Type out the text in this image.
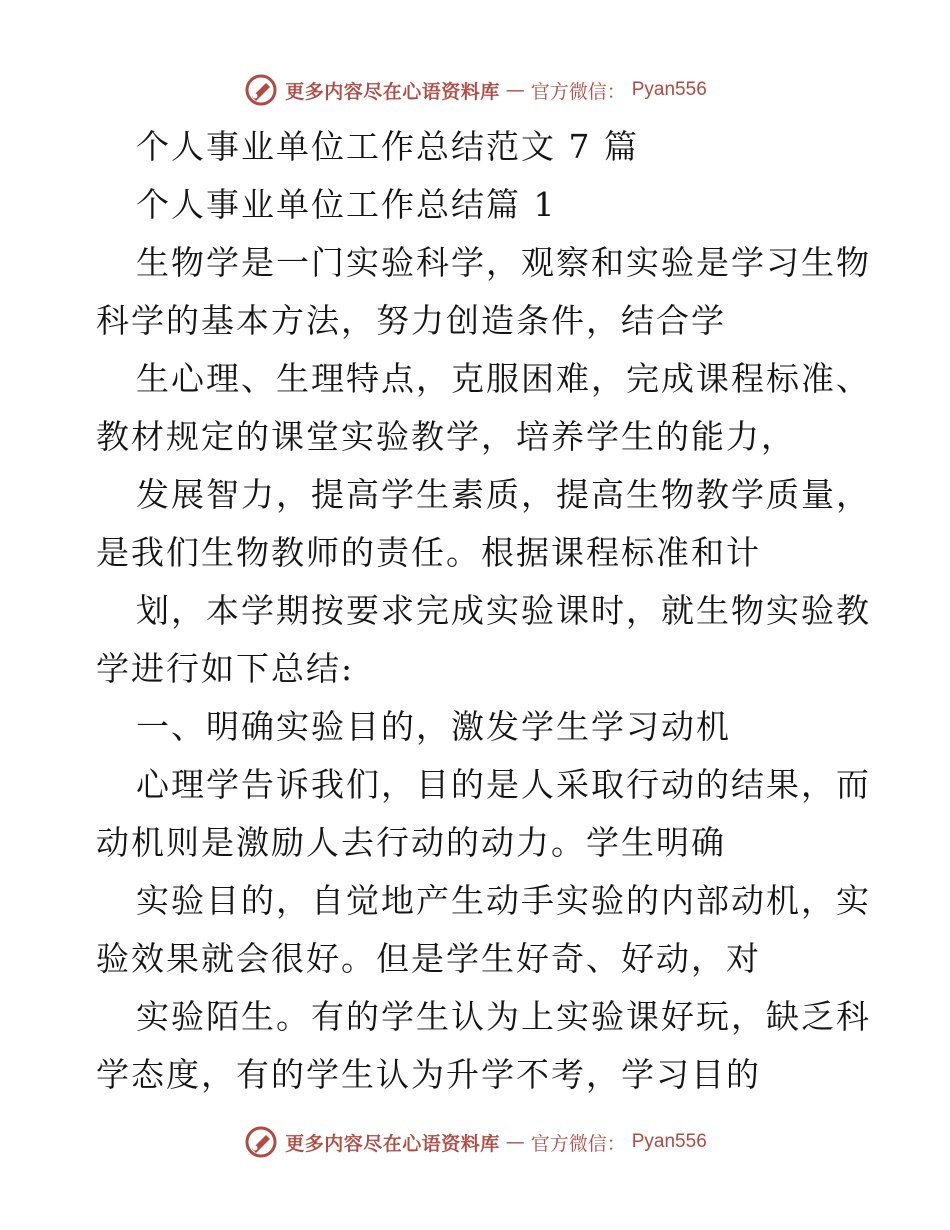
更多内容尽在心语资料库 — 官方微信： Pyan556
个人事业单位工作总结范文 7 篇
个人事业单位工作总结篇 1
生物学是一门实验科学，观察和实验是学习生物
科学的基本方法，努力创造条件，结合学
生心理、生理特点，克服困难，完成课程标准、
教材规定的课堂实验教学，培养学生的能力，
发展智力，提高学生素质，提高生物教学质量，
是我们生物教师的责任。根据课程标准和计
划，本学期按要求完成实验课时，就生物实验教
学进行如下总结:
一、明确实验目的，激发学生学习动机
心理学告诉我们，目的是人采取行动的结果，而
动机则是激励人去行动的动力。学生明确
实验目的，自觉地产生动手实验的内部动机，实
验效果就会很好。但是学生好奇、好动，对
实验陌生。有的学生认为上实验课好玩，缺乏科
学态度，有的学生认为升学不考，学习目的
更多内容尽在心语资料库 — 官方微信： Pyan556
